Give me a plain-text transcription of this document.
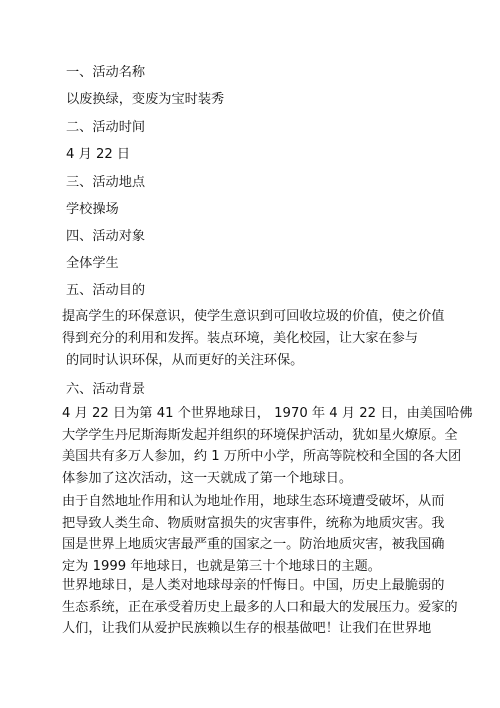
一、活动名称
以废换绿，变废为宝时装秀
二、活动时间
4 月 22 日
三、活动地点
学校操场
四、活动对象
全体学生
五、活动目的
提高学生的环保意识，使学生意识到可回收垃圾的价值，使之价值
得到充分的利用和发挥。装点环境，美化校园，让大家在参与
的同时认识环保，从而更好的关注环保。
六、活动背景
4 月 22 日为第 41 个世界地球日， 1970 年 4 月 22 日，由美国哈佛
大学学生丹尼斯海斯发起并组织的环境保护活动，犹如星火燎原。全
美国共有多万人参加，约 1 万所中小学，所高等院校和全国的各大团
体参加了这次活动，这一天就成了第一个地球日。
由于自然地址作用和认为地址作用，地球生态环境遭受破坏，从而
把导致人类生命、物质财富损失的灾害事件，统称为地质灾害。我
国是世界上地质灾害最严重的国家之一。防治地质灾害，被我国确
定为 1999 年地球日，也就是第三十个地球日的主题。
世界地球日，是人类对地球母亲的忏悔日。中国，历史上最脆弱的
生态系统，正在承受着历史上最多的人口和最大的发展压力。爱家的
人们，让我们从爱护民族赖以生存的根基做吧！让我们在世界地
